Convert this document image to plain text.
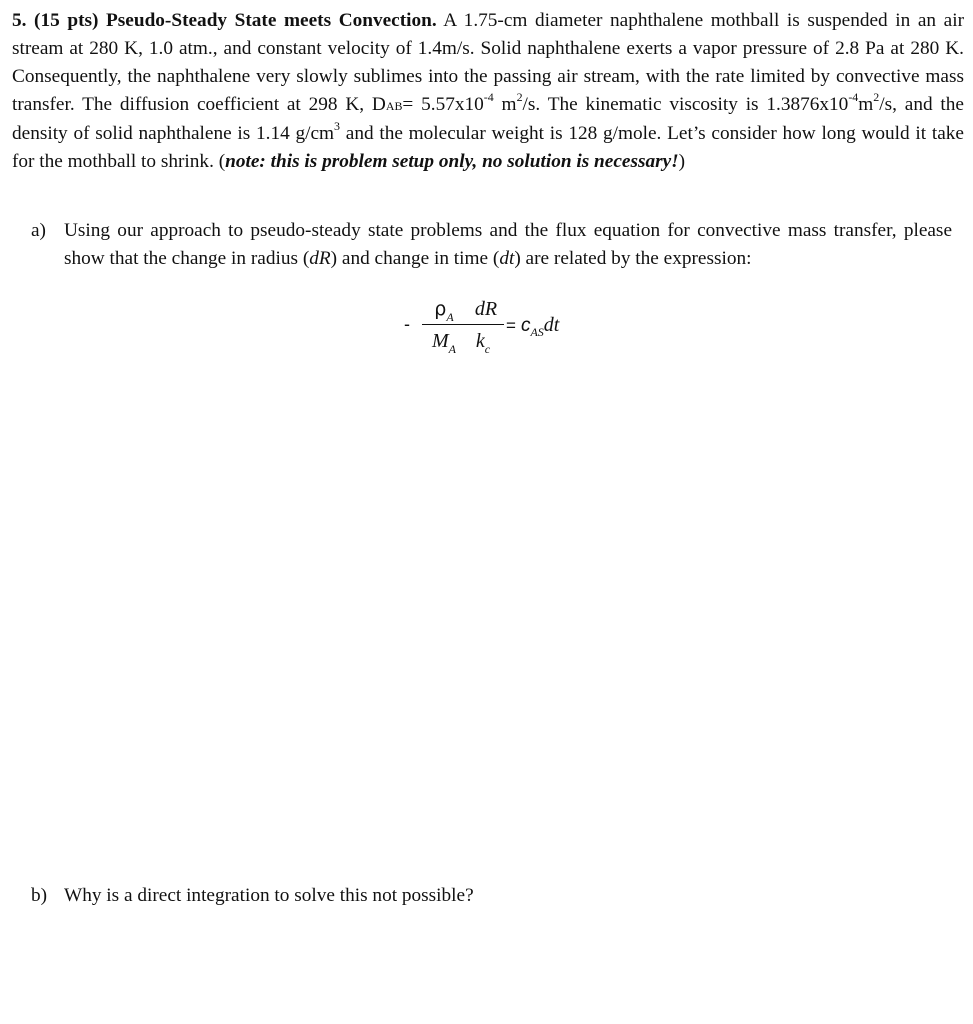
5. (15 pts) Pseudo-Steady State meets Convection. A 1.75-cm diameter naphthalene mothball is suspended in an air stream at 280 K, 1.0 atm., and constant velocity of 1.4m/s. Solid naphthalene exerts a vapor pressure of 2.8 Pa at 280 K. Consequently, the naphthalene very slowly sublimes into the passing air stream, with the rate limited by convective mass transfer. The diffusion coefficient at 298 K, $DAB= 5.57x10^{-4}$ $m^2/s$. The kinematic viscosity is $1.3876x10^{-4}m^2/s$, and the density of solid naphthalene is 1.14 $g/cm^3$ and the molecular weight is 128 g/mole. Let’s consider how long would it take for the mothball to shrink. (note: this is problem setup only, no solution is necessary!)

a) Using our approach to pseudo-steady state problems and the flux equation for convective mass transfer, please show that the change in radius (dR) and change in time (dt) are related by the expression:
-
$\rho_A$	dR
$M_A$ $k_c$
= $c_{AS}dt$
b) Why is a direct integration to solve this not possible?
